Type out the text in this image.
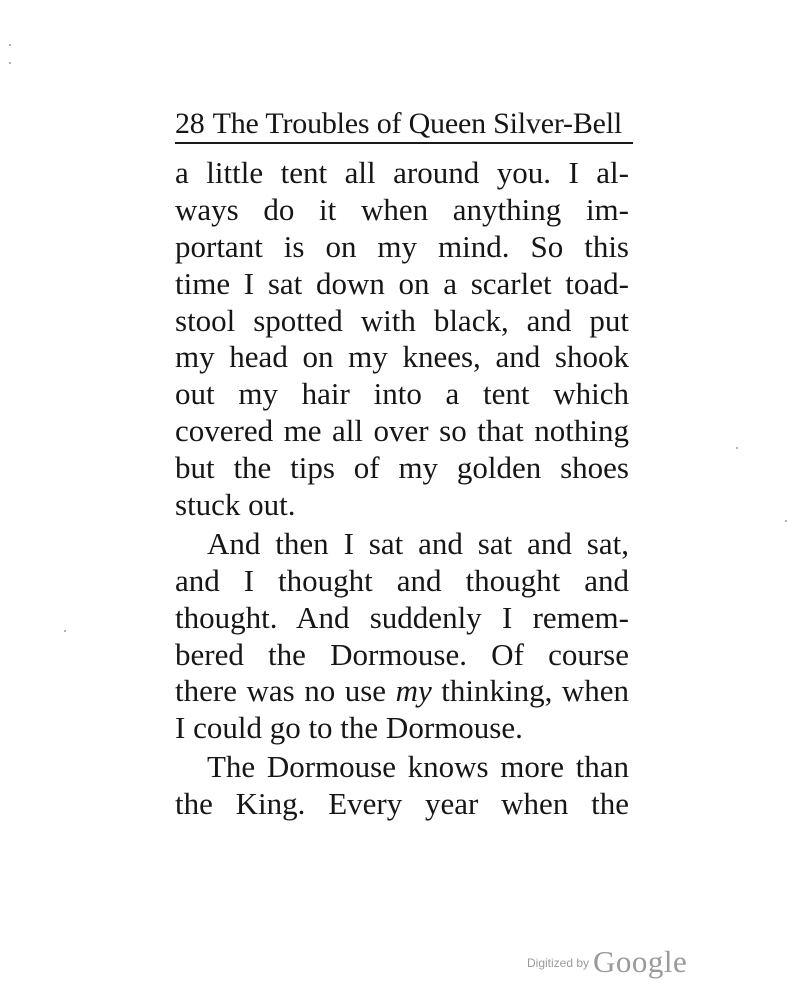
28 The Troubles of Queen Silver-Bell
a little tent all around you. I al-
ways do it when anything im-
portant is on my mind. So this
time I sat down on a scarlet toad-
stool spotted with black, and put
my head on my knees, and shook
out my hair into a tent which
covered me all over so that nothing
but the tips of my golden shoes
stuck out.
And then I sat and sat and sat,
and I thought and thought and
thought. And suddenly I remem-
bered the Dormouse. Of course
there was no use my thinking, when
I could go to the Dormouse.
The Dormouse knows more than
the King. Every year when the
$^{Digitized by}$ Google
